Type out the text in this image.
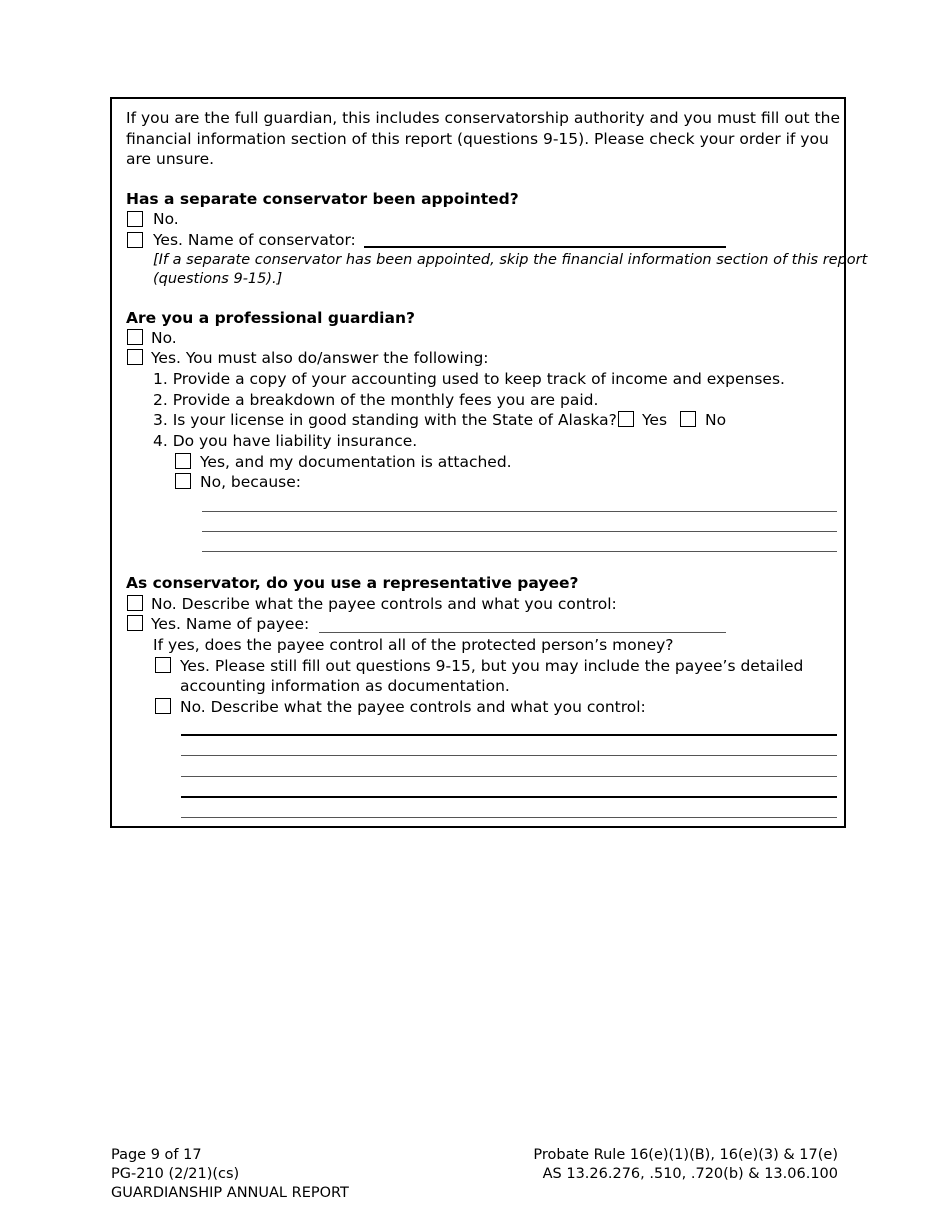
If you are the full guardian, this includes conservatorship authority and you must fill out the
financial information section of this report (questions 9-15). Please check your order if you
are unsure.
Has a separate conservator been appointed?
No.
Yes. Name of conservator:
[If a separate conservator has been appointed, skip the financial information section of this report
(questions 9-15).]
Are you a professional guardian?
No.
Yes. You must also do/answer the following:
1. Provide a copy of your accounting used to keep track of income and expenses.
2. Provide a breakdown of the monthly fees you are paid.
3. Is your license in good standing with the State of Alaska? Yes No
4. Do you have liability insurance.
Yes, and my documentation is attached.
No, because:
As conservator, do you use a representative payee?
No. Describe what the payee controls and what you control:
Yes. Name of payee:
If yes, does the payee control all of the protected person’s money?
Yes. Please still fill out questions 9-15, but you may include the payee’s detailed
accounting information as documentation.
No. Describe what the payee controls and what you control:
Page 9 of 17
PG-210 (2/21)(cs)
GUARDIANSHIP ANNUAL REPORT
Probate Rule 16(e)(1)(B), 16(e)(3) & 17(e)
AS 13.26.276, .510, .720(b) & 13.06.100
